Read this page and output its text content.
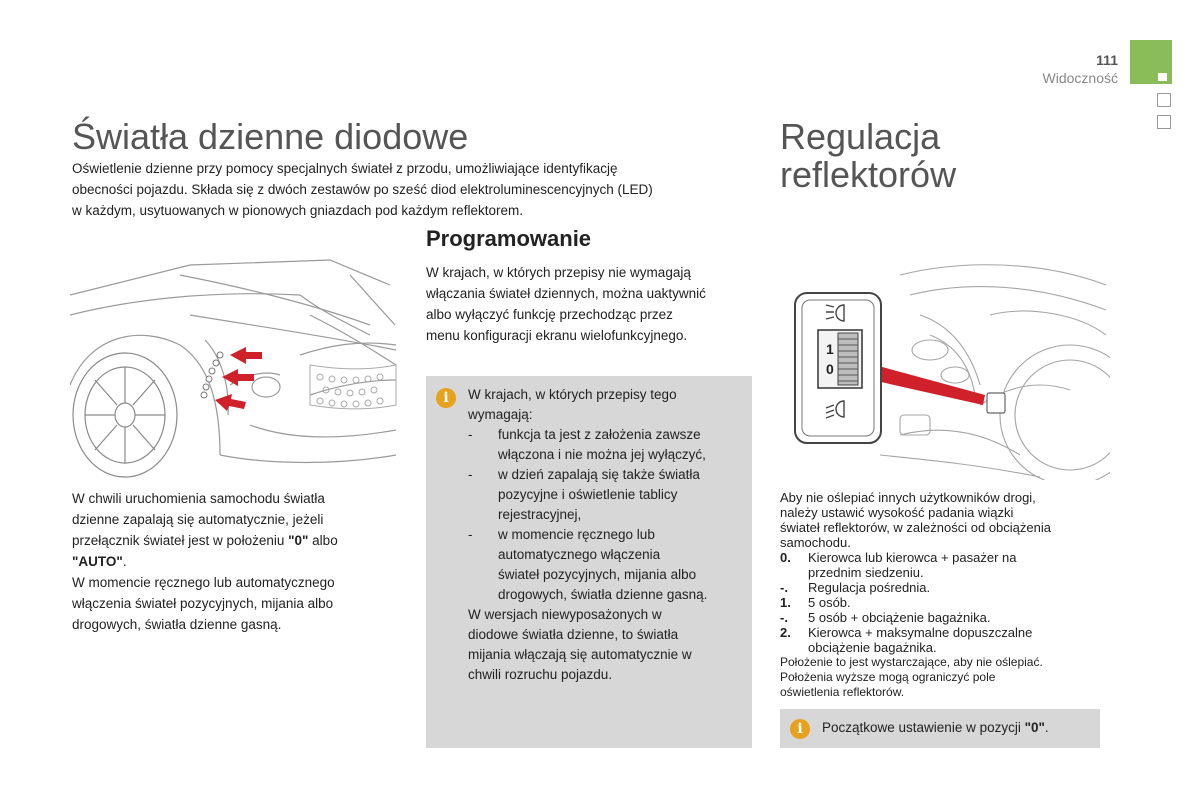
111
Widoczność
Światła dzienne diodowe
Oświetlenie dzienne przy pomocy specjalnych świateł z przodu, umożliwiające identyfikację
obecności pojazdu. Składa się z dwóch zestawów po sześć diod elektroluminescencyjnych (LED)
w każdym, usytuowanych w pionowych gniazdach pod każdym reflektorem.
W chwili uruchomienia samochodu światła
dzienne zapalają się automatycznie, jeżeli
przełącznik świateł jest w położeniu "0" albo
"AUTO".
W momencie ręcznego lub automatycznego
włączenia świateł pozycyjnych, mijania albo
drogowych, światła dzienne gasną.
Programowanie
W krajach, w których przepisy nie wymagają
włączania świateł dziennych, można uaktywnić
albo wyłączyć funkcję przechodząc przez
menu konfiguracji ekranu wielofunkcyjnego.
i	W krajach, w których przepisy tego
wymagają:
-	funkcja ta jest z założenia zawsze
włączona i nie można jej wyłączyć,
-	w dzień zapalają się także światła
pozycyjne i oświetlenie tablicy
rejestracyjnej,
-	w momencie ręcznego lub
automatycznego włączenia
świateł pozycyjnych, mijania albo
drogowych, światła dzienne gasną.
W wersjach niewyposażonych w
diodowe światła dzienne, to światła
mijania włączają się automatycznie w
chwili rozruchu pojazdu.
Regulacja
reflektorów
1
0
Aby nie oślepiać innych użytkowników drogi,
należy ustawić wysokość padania wiązki
świateł reflektorów, w zależności od obciążenia
samochodu.
0. Kierowca lub kierowca + pasażer na
przednim siedzeniu.
-. Regulacja pośrednia.
1. 5 osób.
-. 5 osób + obciążenie bagażnika.
2. Kierowca + maksymalne dopuszczalne
obciążenie bagażnika.
Położenie to jest wystarczające, aby nie oślepiać.
Położenia wyższe mogą ograniczyć pole
oświetlenia reflektorów.
i	Początkowe ustawienie w pozycji "0".
